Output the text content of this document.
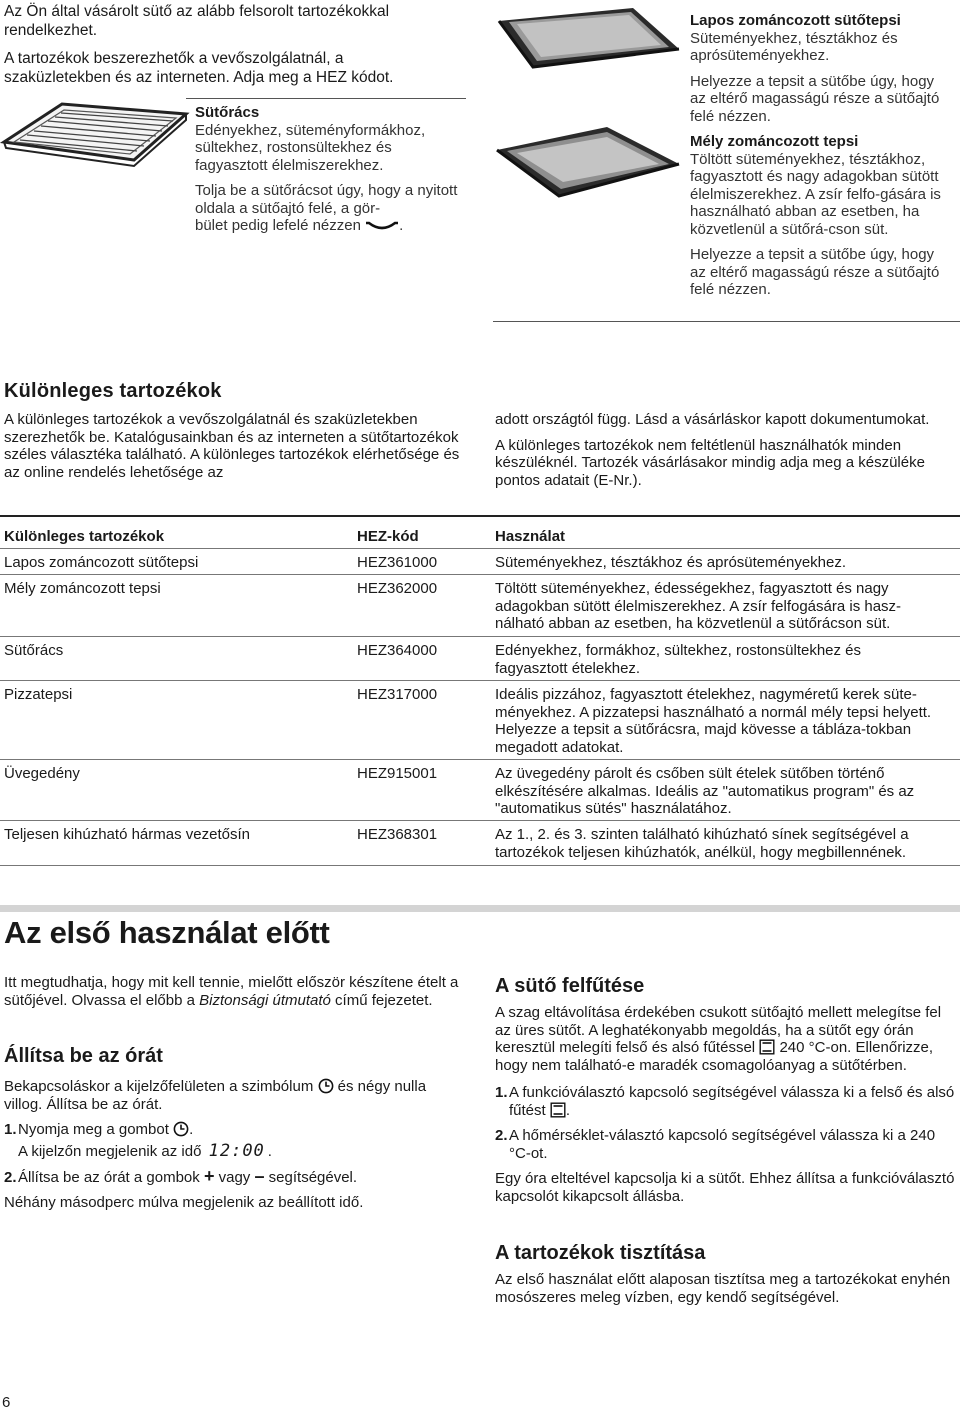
Az Ön által vásárolt sütő az alább felsorolt tartozékokkal rendelkezhet.

A tartozékok beszerezhetők a vevőszolgálatnál, a szaküzletekben és az interneten. Adja meg a HEZ kódot.

Sütőrács

Edényekhez, süteményformákhoz, sültekhez, rostonsültekhez és fagyasztott élelmiszerekhez.

Tolja be a sütőrácsot úgy, hogy a nyitott oldala a sütőajtó felé, a gör-
bület pedig lefelé nézzen	.

Lapos zománcozott sütőtepsi

Süteményekhez, tésztákhoz és aprósüteményekhez.

Helyezze a tepsit a sütőbe úgy, hogy az eltérő magasságú része a sütőajtó felé nézzen.

Mély zománcozott tepsi

Töltött süteményekhez, tésztákhoz, fagyasztott és nagy adagokban sütött élelmiszerekhez. A zsír felfo-gására is használható abban az esetben, ha közvetlenül a sütőrá-cson süt.

Helyezze a tepsit a sütőbe úgy, hogy az eltérő magasságú része a sütőajtó felé nézzen.

Különleges tartozékok
A különleges tartozékok a vevőszolgálatnál és szaküzletekben szerezhetők be. Katalógusainkban és az interneten a sütőtartozékok széles választéka található. A különleges tartozékok elérhetősége és az online rendelés lehetősége az

adott országtól függ. Lásd a vásárláskor kapott dokumentumokat.

A különleges tartozékok nem feltétlenül használhatók minden készüléknél. Tartozék vásárlásakor mindig adja meg a készüléke pontos adatait (E-Nr.).

Különleges tartozékok	HEZ-kód	Használat
Lapos zománcozott sütőtepsi	HEZ361000	Süteményekhez, tésztákhoz és aprósüteményekhez.
Mély zománcozott tepsi	HEZ362000	Töltött süteményekhez, édességekhez, fagyasztott és nagy adagokban sütött élelmiszerekhez. A zsír felfogására is hasz-nálható abban az esetben, ha közvetlenül a sütőrácson süt.
Sütőrács	HEZ364000	Edényekhez, formákhoz, sültekhez, rostonsültekhez és fagyasztott ételekhez.
Pizzatepsi	HEZ317000	Ideális pizzához, fagyasztott ételekhez, nagyméretű kerek süte-ményekhez. A pizzatepsi használható a normál mély tepsi helyett. Helyezze a tepsit a sütőrácsra, majd kövesse a tábláza-tokban megadott adatokat.
Üvegedény	HEZ915001	Az üvegedény párolt és csőben sült ételek sütőben történő elkészítésére alkalmas. Ideális az "automatikus program" és az "automatikus sütés" használatához.
Teljesen kihúzható hármas vezetősín	HEZ368301	Az 1., 2. és 3. szinten található kihúzható sínek segítségével a tartozékok teljesen kihúzhatók, anélkül, hogy megbillennének.
Az első használat előtt
Itt megtudhatja, hogy mit kell tennie, mielőtt először készítene ételt a sütőjével. Olvassa el előbb a Biztonsági útmutató című fejezetet.
Állítsa be az órát

Bekapcsoláskor a kijelzőfelületen a szimbólum és négy nulla villog. Állítsa be az órát.

1.Nyomja meg a gombot .

A kijelzőn megjelenik az idő 12:00 .

2.Állítsa be az órát a gombok + vagy – segítségével.

Néhány másodperc múlva megjelenik az beállított idő.

A sütő felfűtése

A szag eltávolítása érdekében csukott sütőajtó mellett melegítse fel az üres sütőt. A leghatékonyabb megoldás, ha a sütőt egy órán keresztül melegíti felső és alsó fűtéssel 240 °C-on. Ellenőrizze, hogy nem található-e maradék csomagolóanyag a sütőtérben.

1.A funkcióválasztó kapcsoló segítségével válassza ki a felső és alsó fűtést .

2.A hőmérséklet-választó kapcsoló segítségével válassza ki a 240 °C-ot.

Egy óra elteltével kapcsolja ki a sütőt. Ehhez állítsa a funkcióválasztó kapcsolót kikapcsolt állásba.

A tartozékok tisztítása
Az első használat előtt alaposan tisztítsa meg a tartozékokat enyhén mosószeres meleg vízben, egy kendő segítségével.
6
